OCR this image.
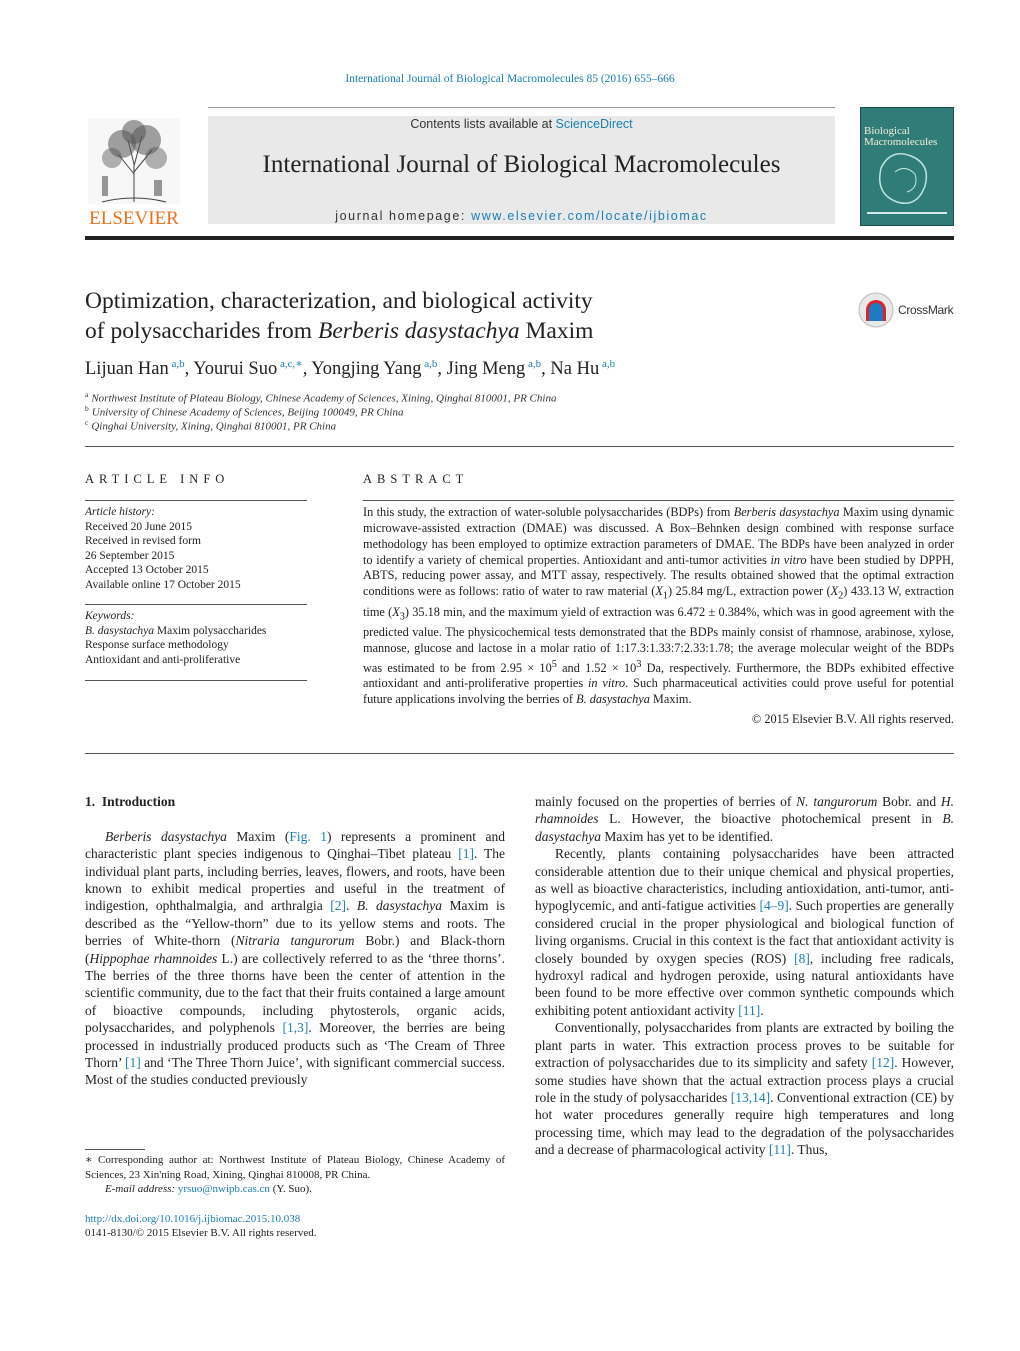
International Journal of Biological Macromolecules 85 (2016) 655–666
ELSEVIER
Contents lists available at ScienceDirect
International Journal of Biological Macromolecules
journal homepage: www.elsevier.com/locate/ijbiomac
Biological Macromolecules
Optimization, characterization, and biological activity
of polysaccharides from Berberis dasystachya Maxim
CrossMark
Lijuan Han $^{a,b}$, Yourui Suo $^{a,c,∗}$, Yongjing Yang $^{a,b}$, Jing Meng $^{a,b}$, Na Hu $^{a,b}$
$^a$ Northwest Institute of Plateau Biology, Chinese Academy of Sciences, Xining, Qinghai 810001, PR China
$^b$ University of Chinese Academy of Sciences, Beijing 100049, PR China
$^c$ Qinghai University, Xining, Qinghai 810001, PR China
ARTICLE INFO
Article history:
Received 20 June 2015
Received in revised form
26 September 2015
Accepted 13 October 2015
Available online 17 October 2015
Keywords:
B. dasystachya Maxim polysaccharides
Response surface methodology
Antioxidant and anti-proliferative
ABSTRACT
In this study, the extraction of water-soluble polysaccharides (BDPs) from Berberis dasystachya Maxim using dynamic microwave-assisted extraction (DMAE) was discussed. A Box–Behnken design combined with response surface methodology has been employed to optimize extraction parameters of DMAE. The BDPs have been analyzed in order to identify a variety of chemical properties. Antioxidant and anti-tumor activities in vitro have been studied by DPPH, ABTS, reducing power assay, and MTT assay, respectively. The results obtained showed that the optimal extraction conditions were as follows: ratio of water to raw material $(X_1)$ 25.84 mg/L, extraction power $(X_2)$ 433.13 W, extraction time $(X_3)$ 35.18 min, and the maximum yield of extraction was 6.472 ± 0.384%, which was in good agreement with the predicted value. The physicochemical tests demonstrated that the BDPs mainly consist of rhamnose, arabinose, xylose, mannose, glucose and lactose in a molar ratio of 1:17.3:1.33:7:2.33:1.78; the average molecular weight of the BDPs was estimated to be from $2.95 \times 10^5$ and $1.52 \times 10^3$ Da, respectively. Furthermore, the BDPs exhibited effective antioxidant and anti-proliferative properties in vitro. Such pharmaceutical activities could prove useful for potential future applications involving the berries of B. dasystachya Maxim.
© 2015 Elsevier B.V. All rights reserved.

1. Introduction

Berberis dasystachya Maxim (Fig. 1) represents a prominent and characteristic plant species indigenous to Qinghai–Tibet plateau [1]. The individual plant parts, including berries, leaves, flowers, and roots, have been known to exhibit medical properties and useful in the treatment of indigestion, ophthalmalgia, and arthralgia [2]. B. dasystachya Maxim is described as the “Yellow-thorn” due to its yellow stems and roots. The berries of White-thorn (Nitraria tangurorum Bobr.) and Black-thorn (Hippophae rhamnoides L.) are collectively referred to as the ‘three thorns’. The berries of the three thorns have been the center of attention in the scientific community, due to the fact that their fruits contained a large amount of bioactive compounds, including phytosterols, organic acids, polysaccharides, and polyphenols [1,3]. Moreover, the berries are being processed in industrially produced products such as ‘The Cream of Three Thorn’ [1] and ‘The Three Thorn Juice’, with significant commercial success. Most of the studies conducted previously

∗ Corresponding author at: Northwest Institute of Plateau Biology, Chinese Academy of Sciences, 23 Xin'ning Road, Xining, Qinghai 810008, PR China.
E-mail address: yrsuo@nwipb.cas.cn (Y. Suo).
http://dx.doi.org/10.1016/j.ijbiomac.2015.10.038
0141-8130/© 2015 Elsevier B.V. All rights reserved.

mainly focused on the properties of berries of N. tangurorum Bobr. and H. rhamnoides L. However, the bioactive photochemical present in B. dasystachya Maxim has yet to be identified.

Recently, plants containing polysaccharides have been attracted considerable attention due to their unique chemical and physical properties, as well as bioactive characteristics, including antioxidation, anti-tumor, anti-hypoglycemic, and anti-fatigue activities [4–9]. Such properties are generally considered crucial in the proper physiological and biological function of living organisms. Crucial in this context is the fact that antioxidant activity is closely bounded by oxygen species (ROS) [8], including free radicals, hydroxyl radical and hydrogen peroxide, using natural antioxidants have been found to be more effective over common synthetic compounds which exhibiting potent antioxidant activity [11].

Conventionally, polysaccharides from plants are extracted by boiling the plant parts in water. This extraction process proves to be suitable for extraction of polysaccharides due to its simplicity and safety [12]. However, some studies have shown that the actual extraction process plays a crucial role in the study of polysaccharides [13,14]. Conventional extraction (CE) by hot water procedures generally require high temperatures and long processing time, which may lead to the degradation of the polysaccharides and a decrease of pharmacological activity [11]. Thus,
